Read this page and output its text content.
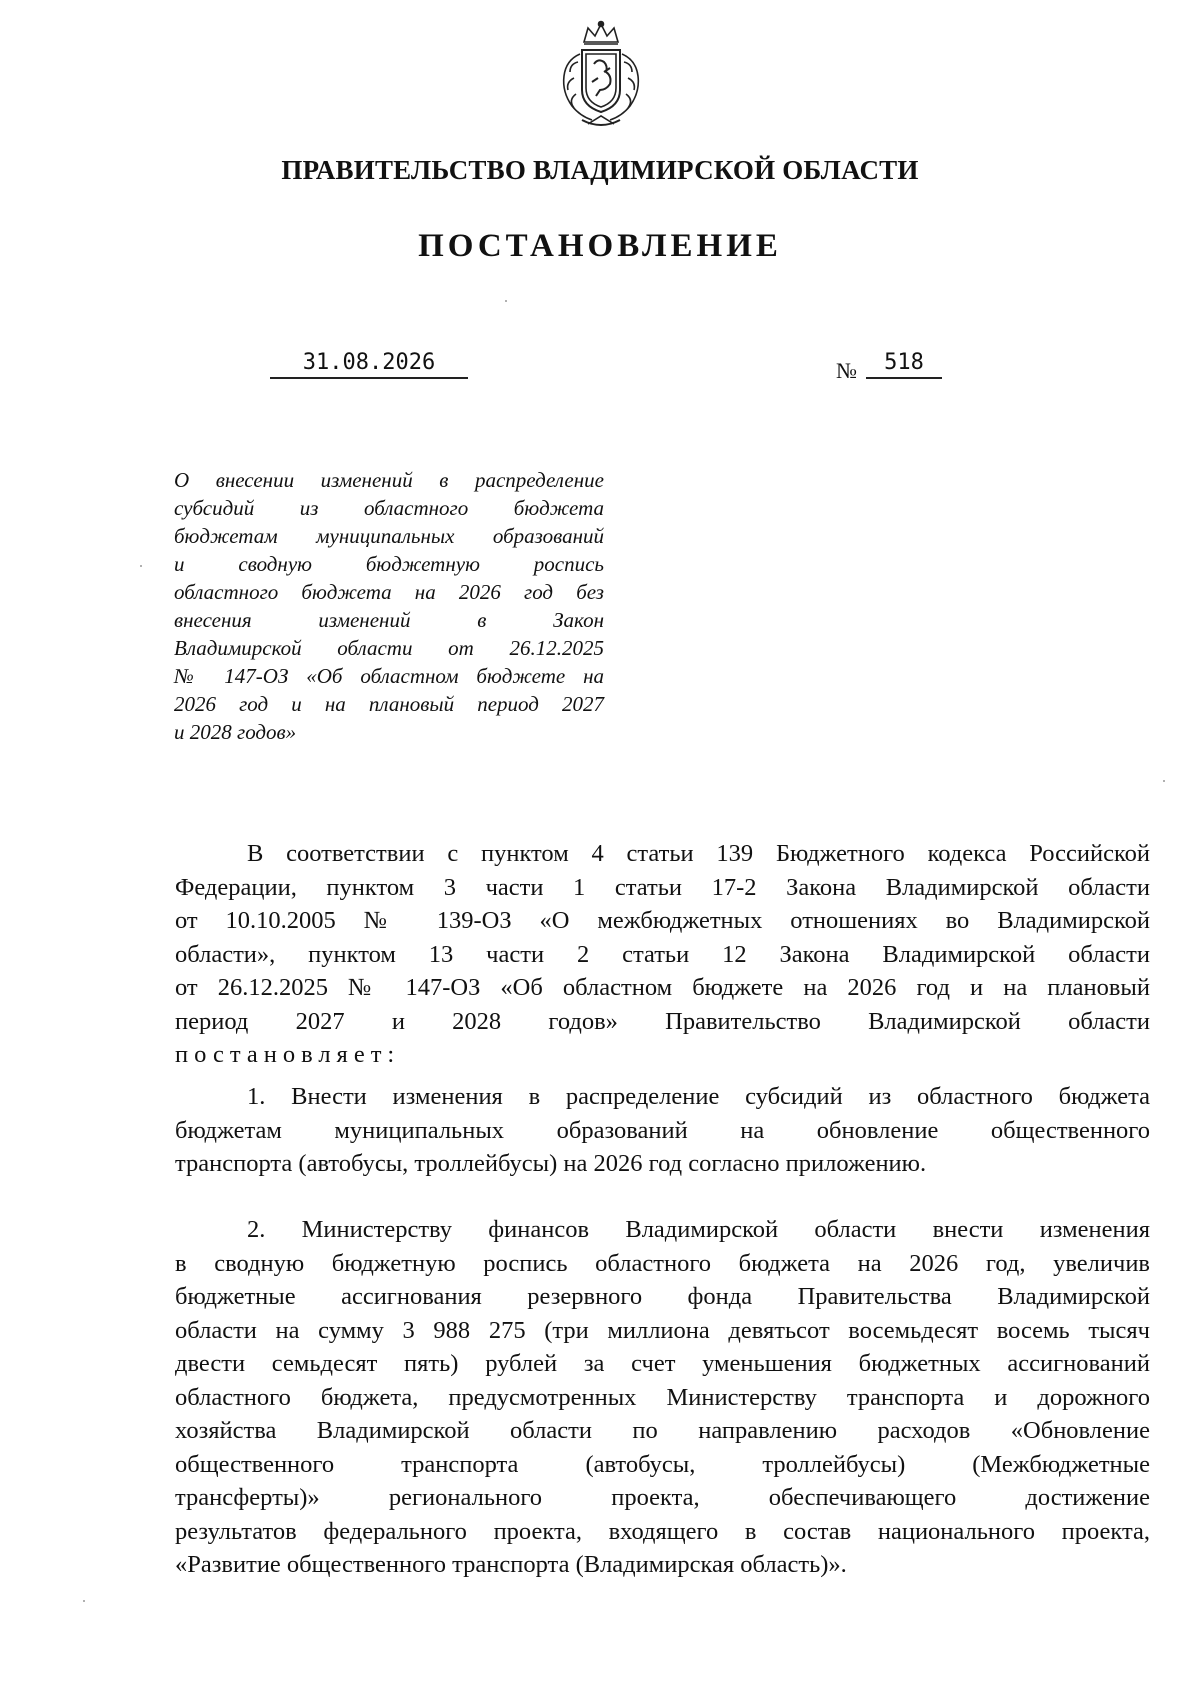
ПРАВИТЕЛЬСТВО ВЛАДИМИРСКОЙ ОБЛАСТИ
ПОСТАНОВЛЕНИЕ
31.08.2026	№	518
О внесении изменений в распределение
субсидий из областного бюджета
бюджетам муниципальных образований
и сводную бюджетную роспись
областного бюджета на 2026 год без
внесения изменений в Закон
Владимирской области от 26.12.2025
№ 147-ОЗ «Об областном бюджете на
2026 год и на плановый период 2027
и 2028 годов»

В соответствии с пунктом 4 статьи 139 Бюджетного кодекса Российской
Федерации, пунктом 3 части 1 статьи 17-2 Закона Владимирской области
от 10.10.2005 № 139-ОЗ «О межбюджетных отношениях во Владимирской
области», пунктом 13 части 2 статьи 12 Закона Владимирской области
от 26.12.2025 № 147-ОЗ «Об областном бюджете на 2026 год и на плановый
период 2027 и 2028 годов» Правительство Владимирской области
постановляет:

1. Внести изменения в распределение субсидий из областного бюджета
бюджетам муниципальных образований на обновление общественного
транспорта (автобусы, троллейбусы) на 2026 год согласно приложению.

2. Министерству финансов Владимирской области внести изменения
в сводную бюджетную роспись областного бюджета на 2026 год, увеличив
бюджетные ассигнования резервного фонда Правительства Владимирской
области на сумму 3 988 275 (три миллиона девятьсот восемьдесят восемь тысяч
двести семьдесят пять) рублей за счет уменьшения бюджетных ассигнований
областного бюджета, предусмотренных Министерству транспорта и дорожного
хозяйства Владимирской области по направлению расходов «Обновление
общественного транспорта (автобусы, троллейбусы) (Межбюджетные
трансферты)» регионального проекта, обеспечивающего достижение
результатов федерального проекта, входящего в состав национального проекта,
«Развитие общественного транспорта (Владимирская область)».
